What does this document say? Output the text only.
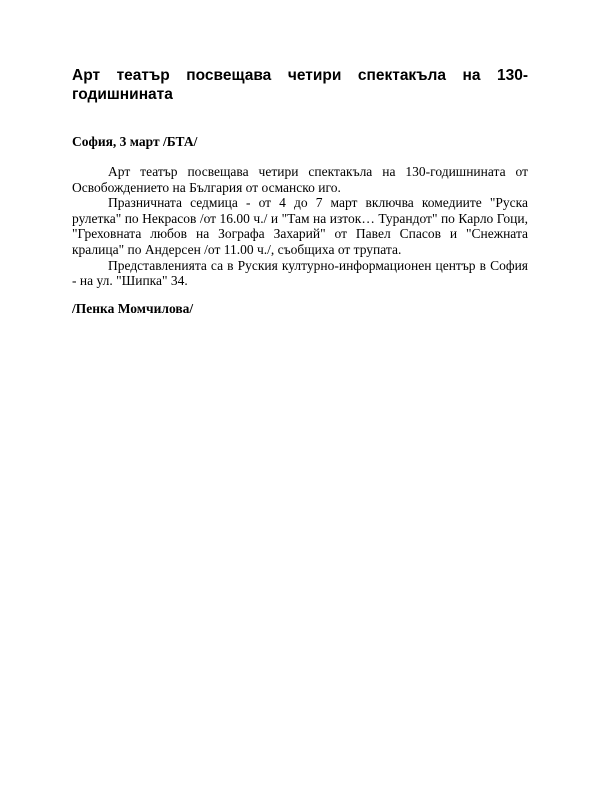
Арт театър посвещава четири спектакъла на 130-годишнината

София, 3 март /БТА/

Арт театър посвещава четири спектакъла на 130-годишнината от Освобождението на България от османско иго.

Празничната седмица - от 4 до 7 март включва комедиите "Руска рулетка" по Некрасов /от 16.00 ч./ и "Там на изток… Турандот" по Карло Гоци, "Греховната любов на Зографа Захарий" от Павел Спасов и "Снежната кралица" по Андерсен /от 11.00 ч./, съобщиха от трупата.

Представленията са в Руския културно-информационен център в София - на ул. "Шипка" 34.

/Пенка Момчилова/
